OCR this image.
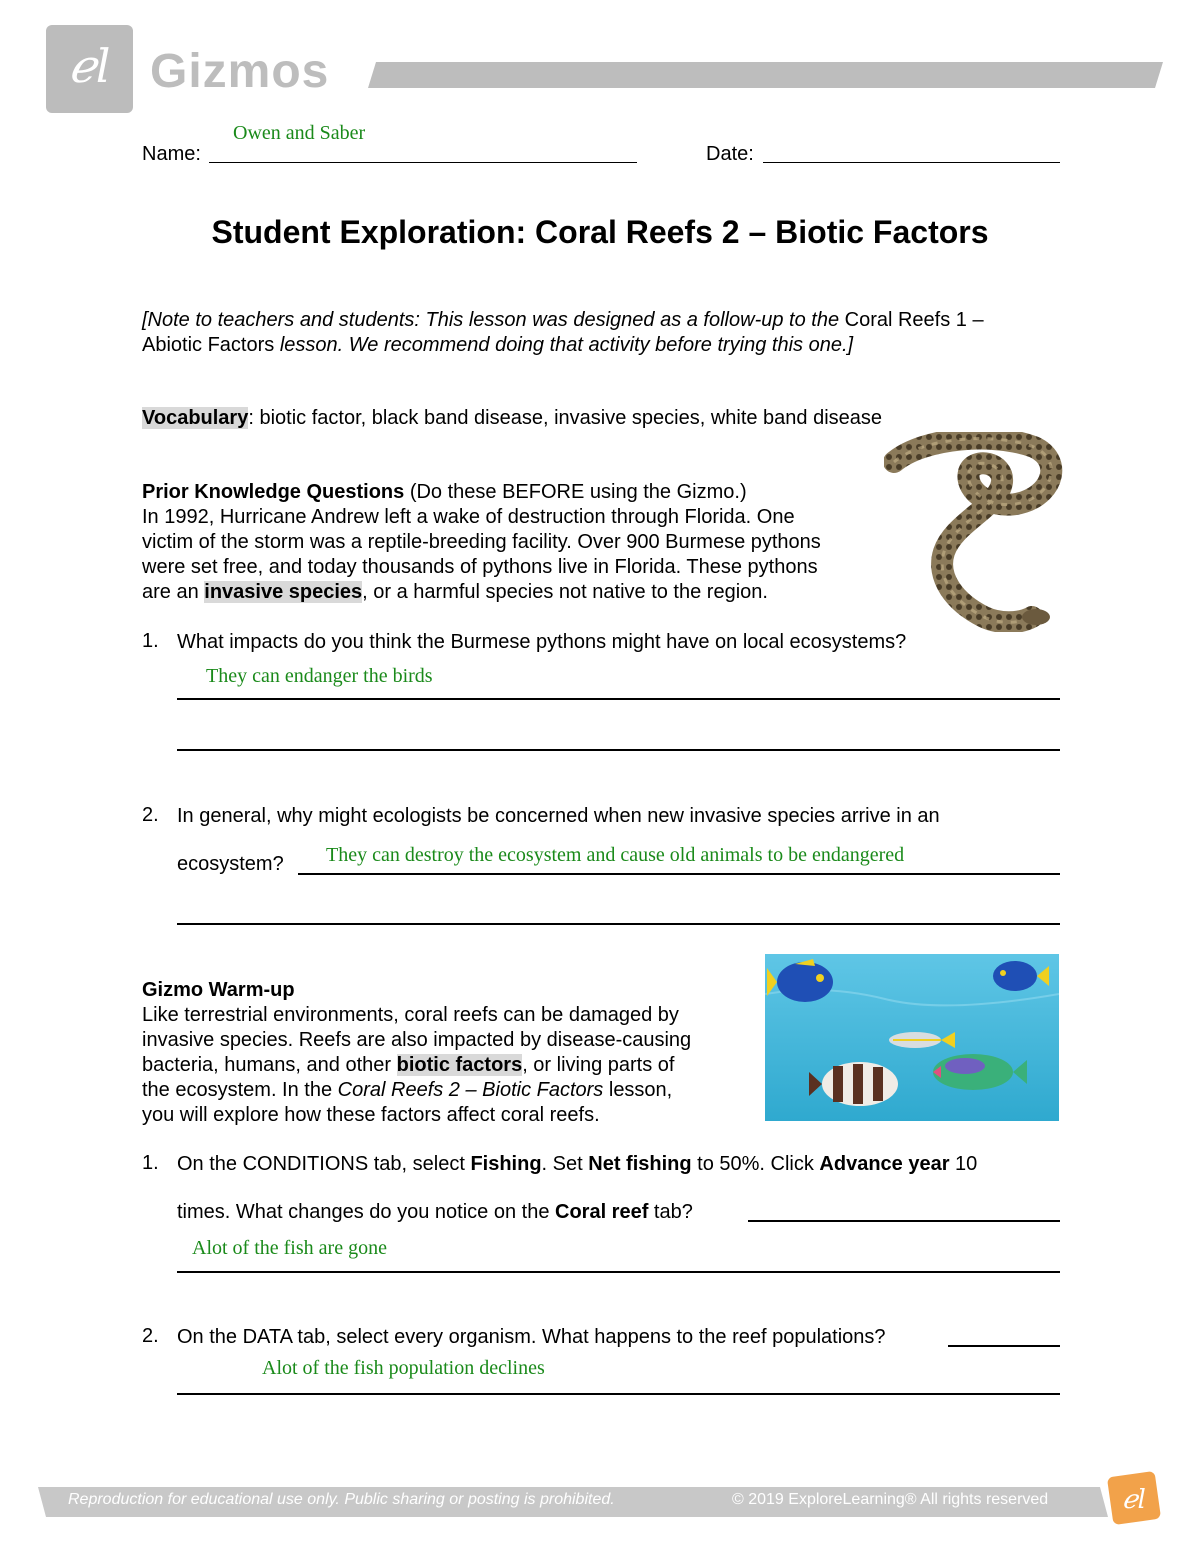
ℯl Gizmos
Owen and Saber
Name:	Date:
Student Exploration: Coral Reefs 2 – Biotic Factors
[Note to teachers and students: This lesson was designed as a follow-up to the Coral Reefs 1 –
Abiotic Factors lesson. We recommend doing that activity before trying this one.]
Vocabulary: biotic factor, black band disease, invasive species, white band disease
Prior Knowledge Questions (Do these BEFORE using the Gizmo.)
In 1992, Hurricane Andrew left a wake of destruction through Florida. One
victim of the storm was a reptile-breeding facility. Over 900 Burmese pythons
were set free, and today thousands of pythons live in Florida. These pythons
are an invasive species, or a harmful species not native to the region.
1. What impacts do you think the Burmese pythons might have on local ecosystems?
They can endanger the birds
2. In general, why might ecologists be concerned when new invasive species arrive in an
ecosystem? They can destroy the ecosystem and cause old animals to be endangered
Gizmo Warm-up
Like terrestrial environments, coral reefs can be damaged by
invasive species. Reefs are also impacted by disease-causing
bacteria, humans, and other biotic factors, or living parts of
the ecosystem. In the Coral Reefs 2 – Biotic Factors lesson,
you will explore how these factors affect coral reefs.
1. On the CONDITIONS tab, select Fishing. Set Net fishing to 50%. Click Advance year 10
times. What changes do you notice on the Coral reef tab?
Alot of the fish are gone
2. On the DATA tab, select every organism. What happens to the reef populations?
Alot of the fish population declines
Reproduction for educational use only. Public sharing or posting is prohibited.	© 2019 ExploreLearning® All rights reserved	ℯl
